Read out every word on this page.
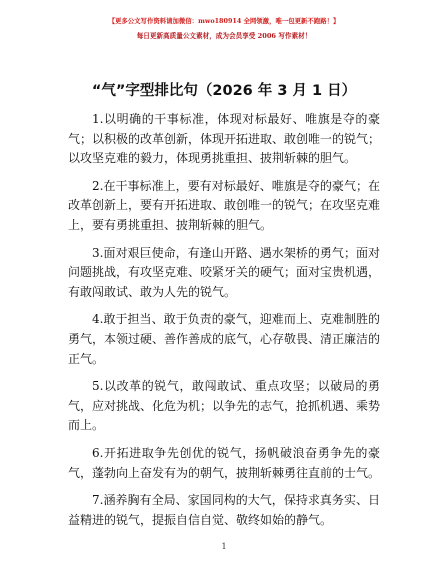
【更多公文写作资料请加微信：mwo180914 全网领激，唯一包更新不跑路！】
每日更新高质量公文素材，成为会员享受 2006 写作素材！
“气”字型排比句（2026 年 3 月 1 日）

1.以明确的干事标准，体现对标最好、唯旗是夺的豪气；以积极的改革创新，体现开拓进取、敢创唯一的锐气；以攻坚克难的毅力，体现勇挑重担、披荆斩棘的胆气。

2.在干事标准上，要有对标最好、唯旗是夺的豪气；在改革创新上，要有开拓进取、敢创唯一的锐气；在攻坚克难上，要有勇挑重担、披荆斩棘的胆气。

3.面对艰巨使命，有逢山开路、遇水架桥的勇气；面对问题挑战，有攻坚克难、咬紧牙关的硬气；面对宝贵机遇，有敢闯敢试、敢为人先的锐气。

4.敢于担当、敢于负责的豪气，迎难而上、克难制胜的勇气，本领过硬、善作善成的底气，心存敬畏、清正廉洁的正气。

5.以改革的锐气，敢闯敢试、重点攻坚；以破局的勇气，应对挑战、化危为机；以争先的志气，抢抓机遇、乘势而上。

6.开拓进取争先创优的锐气，扬帆破浪奋勇争先的豪气，蓬勃向上奋发有为的朝气，披荆斩棘勇往直前的士气。

7.涵养胸有全局、家国同构的大气，保持求真务实、日益精进的锐气，提振自信自觉、敬终如始的静气。

1
